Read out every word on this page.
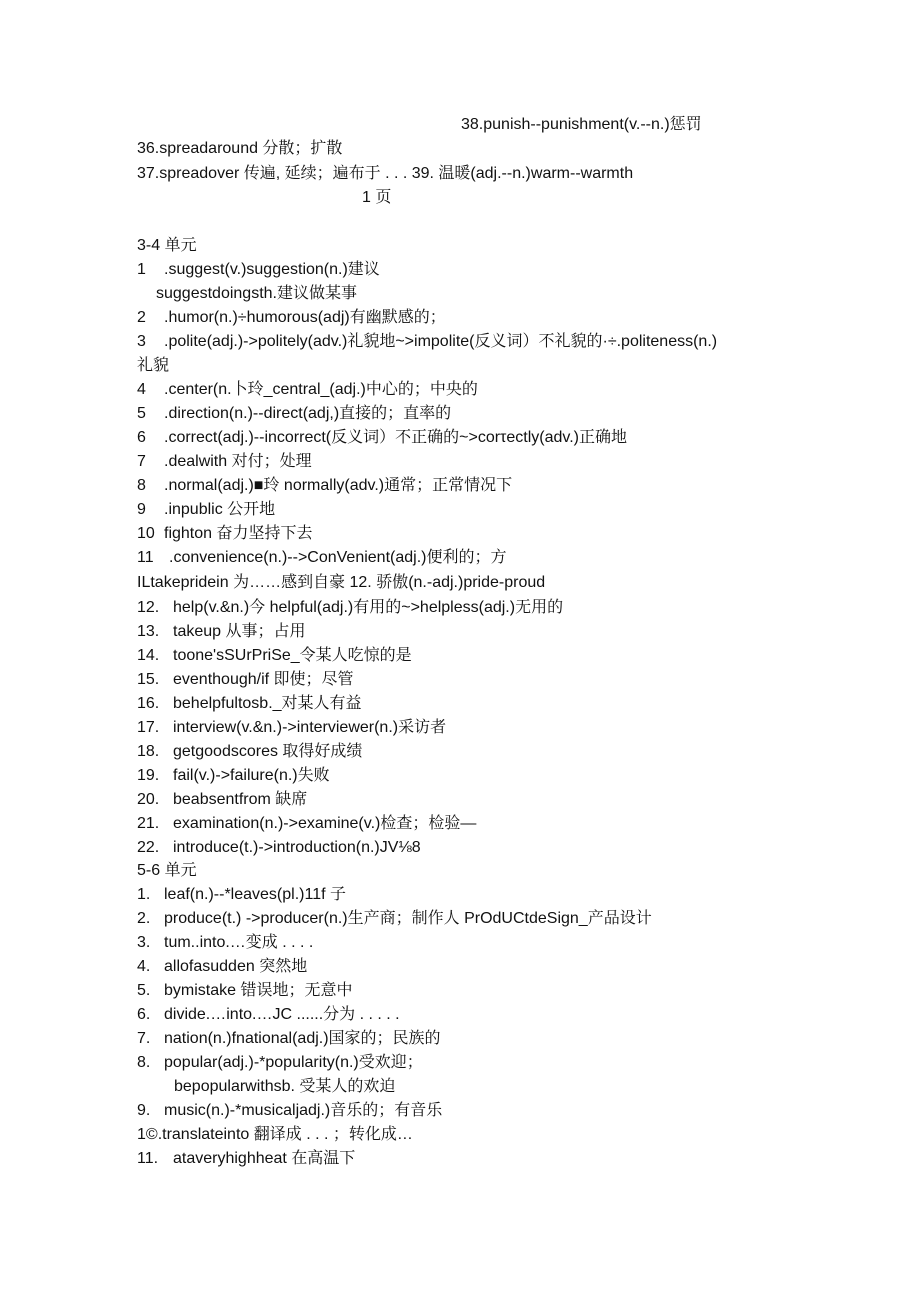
38.punish--punishment(v.--n.)惩罚
36.spreadaround 分散；扩散
37.spreadover 传遍, 延续；遍布于 . . . 39. 温暖(adj.--n.)warm--warmth
1 页
3-4 单元
1 .suggest(v.)suggestion(n.)建议
suggestdoingsth.建议做某事
2 .humor(n.)÷humorous(adj)有幽默感的；
3 .polite(adj.)->politely(adv.)礼貌地~>impolite(反义词）不礼貌的·÷.politeness(n.)
礼貌
4 .center(n.卜玲_central_(adj.)中心的；中央的
5 .direction(n.)--direct(adj,)直接的；直率的
6 .correct(adj.)--incorrect(反义词）不正确的~>corτectly(adv.)正确地
7 .dealwith 对付；处理
8 .normal(adj.)■玲 normally(adv.)通常；正常情况下
9 .inpublic 公开地
10 fighton 奋力坚持下去
11 .convenience(n.)-->ConVenient(adj.)便利的；方
ILtakepridein 为……感到自豪 12. 骄傲(n.-adj.)pride-proud
12. help(v.&n.)今 helpful(adj.)有用的~>helpless(adj.)无用的
13. takeup 从事；占用
14. toone'sSUrPriSe_令某人吃惊的是
15. eventhough/if 即使；尽管
16. behelpfultosb._对某人有益
17. interview(v.&n.)->interviewer(n.)采访者
18. getgoodscores 取得好成绩
19. fail(v.)->failure(n.)失败
20. beabsentfrom 缺席
21. examination(n.)->examine(v.)检查；检验—
22. introduce(t.)->introduction(n.)JV⅛8
5-6 单元
1. leaf(n.)--*leaves(pl.)11f 子
2. produce(t.) ->producer(n.)生产商；制作人 PrOdUCtdeSign_产品设计
3. tum..into.…变成 . . . .
4. allofasudden 突然地
5. bymistake 错误地；无意中
6. divide.…into.…JC ......分为 . . . . .
7. nation(n.)fnational(adj.)国家的；民族的
8. popular(adj.)-*popularity(n.)受欢迎；
bepopularwithsb. 受某人的欢迫
9. music(n.)-*musicaljadj.)音乐的；有音乐
1©.translateinto 翻译成 . . . ；转化成…
11. ataveryhighheat 在高温下
